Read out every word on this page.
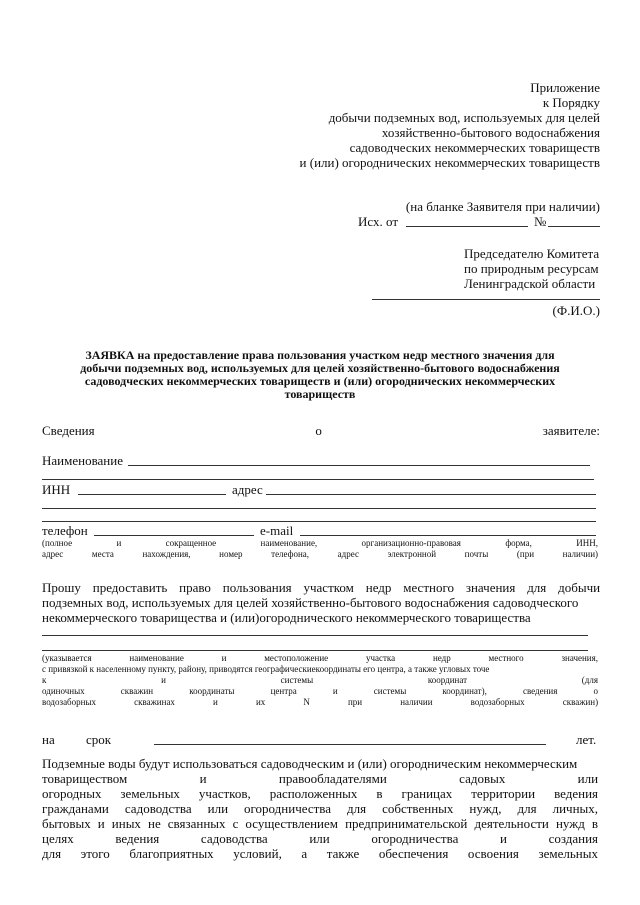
Приложение
к Порядку
добычи подземных вод, используемых для целей
хозяйственно-бытового водоснабжения
садоводческих некоммерческих товариществ
и (или) огороднических некоммерческих товариществ
(на бланке Заявителя при наличии)
Исх. от	№
Председателю Комитета
по природным ресурсам
Ленинградской области
(Ф.И.О.)
ЗАЯВКА на предоставление права пользования участком недр местного значения для
добычи подземных вод, используемых для целей хозяйственно-бытового водоснабжения
садоводческих некоммерческих товариществ и (или) огороднических некоммерческих
товариществ
Сведения	о	заявителе:
Наименование
ИНН	адрес
телефон	e-mail
(полное и	сокращенное	наименование,	организационно-правовая	форма,	ИНН,
адрес места нахождения, номер телефона, адрес электронной почты	(при	наличии)
Прошу предоставить право пользования участком недр местного значения для добычи
подземных вод, используемых для целей хозяйственно-бытового водоснабжения садоводческого
некоммерческого товарищества и (или)огороднического некоммерческого товарищества
(указывается наименование	и	местоположение	участка	недр	местного	значения,
с привязкой к населенному пункту, району, приводятся географическиекоординаты его центра, а также угловых точе
к	и	системы	координат	(для
одиночных скважин координаты центра и системы координат), сведения	о
водозаборных	скважинах	и	их	N	при	наличии	водозаборных	скважин)
на срок	лет.
Подземные воды будут использоваться садоводческим и (или) огородническим некоммерческим
товариществом	и	правообладателями	садовых	или
огородных земельных участков, расположенных в границах территории ведения
гражданами садоводства или огородничества для собственных нужд, для личных,
бытовых и иных не связанных с осуществлением предпринимательской деятельности нужд в
целях	ведения	садоводства	или	огородничества	и	создания
для этого благоприятных условий, а также обеспечения освоения земельных
